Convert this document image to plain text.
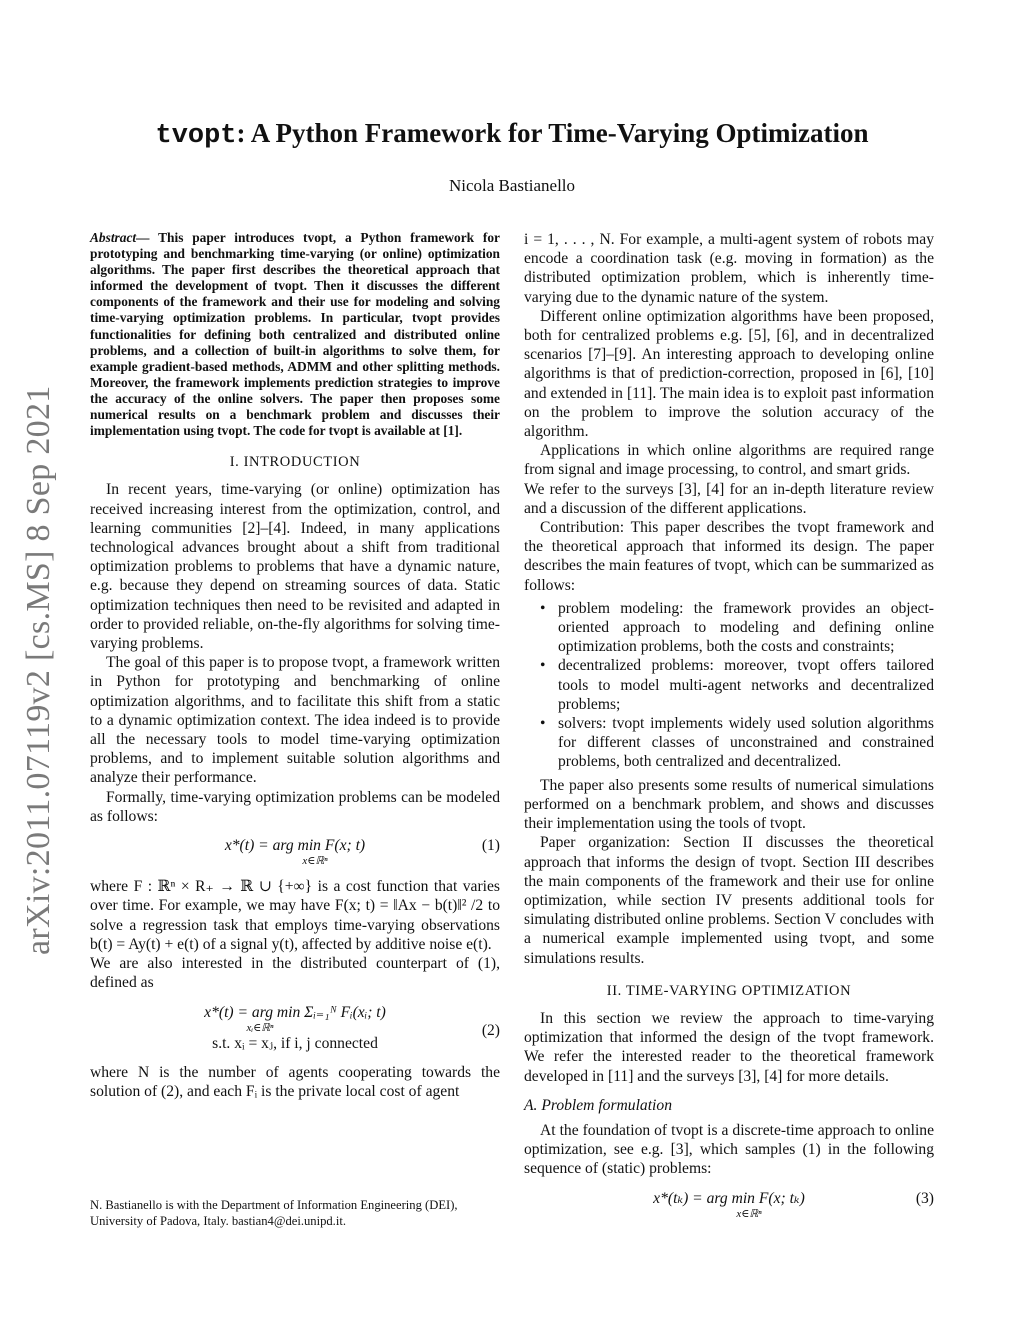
arXiv:2011.07119v2 [cs.MS] 8 Sep 2021
tvopt: A Python Framework for Time-Varying Optimization
Nicola Bastianello

Abstract— This paper introduces tvopt, a Python framework for prototyping and benchmarking time-varying (or online) optimization algorithms. The paper first describes the theoretical approach that informed the development of tvopt. Then it discusses the different components of the framework and their use for modeling and solving time-varying optimization problems. In particular, tvopt provides functionalities for defining both centralized and distributed online problems, and a collection of built-in algorithms to solve them, for example gradient-based methods, ADMM and other splitting methods. Moreover, the framework implements prediction strategies to improve the accuracy of the online solvers. The paper then proposes some numerical results on a benchmark problem and discusses their implementation using tvopt. The code for tvopt is available at [1].

I. INTRODUCTION

In recent years, time-varying (or online) optimization has received increasing interest from the optimization, control, and learning communities [2]–[4]. Indeed, in many applications technological advances brought about a shift from traditional optimization problems to problems that have a dynamic nature, e.g. because they depend on streaming sources of data. Static optimization techniques then need to be revisited and adapted in order to provided reliable, on-the-fly algorithms for solving time-varying problems.

The goal of this paper is to propose tvopt, a framework written in Python for prototyping and benchmarking of online optimization algorithms, and to facilitate this shift from a static to a dynamic optimization context. The idea indeed is to provide all the necessary tools to model time-varying optimization problems, and to implement suitable solution algorithms and analyze their performance.

Formally, time-varying optimization problems can be modeled as follows:

x*(t) = arg min F(x; t)
x∈ℝⁿ
(1)

where F : ℝⁿ × R₊ → ℝ ∪ {+∞} is a cost function that varies over time. For example, we may have F(x; t) = ‖Ax − b(t)‖² /2 to solve a regression task that employs time-varying observations b(t) = Ay(t) + e(t) of a signal y(t), affected by additive noise e(t).

We are also interested in the distributed counterpart of (1), defined as

x*(t) = arg min Σᵢ₌₁ᴺ Fᵢ(xᵢ; t)
xᵢ∈ℝⁿ
s.t. xᵢ = xⱼ, if i, j connected
(2)

where N is the number of agents cooperating towards the solution of (2), and each Fᵢ is the private local cost of agent

N. Bastianello is with the Department of Information Engineering (DEI), University of Padova, Italy. bastian4@dei.unipd.it.

i = 1, . . . , N. For example, a multi-agent system of robots may encode a coordination task (e.g. moving in formation) as the distributed optimization problem, which is inherently time-varying due to the dynamic nature of the system.

Different online optimization algorithms have been proposed, both for centralized problems e.g. [5], [6], and in decentralized scenarios [7]–[9]. An interesting approach to developing online algorithms is that of prediction-correction, proposed in [6], [10] and extended in [11]. The main idea is to exploit past information on the problem to improve the solution accuracy of the algorithm.

Applications in which online algorithms are required range from signal and image processing, to control, and smart grids.

We refer to the surveys [3], [4] for an in-depth literature review and a discussion of the different applications.

Contribution: This paper describes the tvopt framework and the theoretical approach that informed its design. The paper describes the main features of tvopt, which can be summarized as follows:

• problem modeling: the framework provides an object-oriented approach to modeling and defining online optimization problems, both the costs and constraints;
• decentralized problems: moreover, tvopt offers tailored tools to model multi-agent networks and decentralized problems;
• solvers: tvopt implements widely used solution algorithms for different classes of unconstrained and constrained problems, both centralized and decentralized.

The paper also presents some results of numerical simulations performed on a benchmark problem, and shows and discusses their implementation using the tools of tvopt.

Paper organization: Section II discusses the theoretical approach that informs the design of tvopt. Section III describes the main components of the framework and their use for online optimization, while section IV presents additional tools for simulating distributed online problems. Section V concludes with a numerical example implemented using tvopt, and some simulations results.

II. TIME-VARYING OPTIMIZATION

In this section we review the approach to time-varying optimization that informed the design of the tvopt framework. We refer the interested reader to the theoretical framework developed in [11] and the surveys [3], [4] for more details.

A. Problem formulation

At the foundation of tvopt is a discrete-time approach to online optimization, see e.g. [3], which samples (1) in the following sequence of (static) problems:

x*(tₖ) = arg min F(x; tₖ)
x∈ℝⁿ
(3)
